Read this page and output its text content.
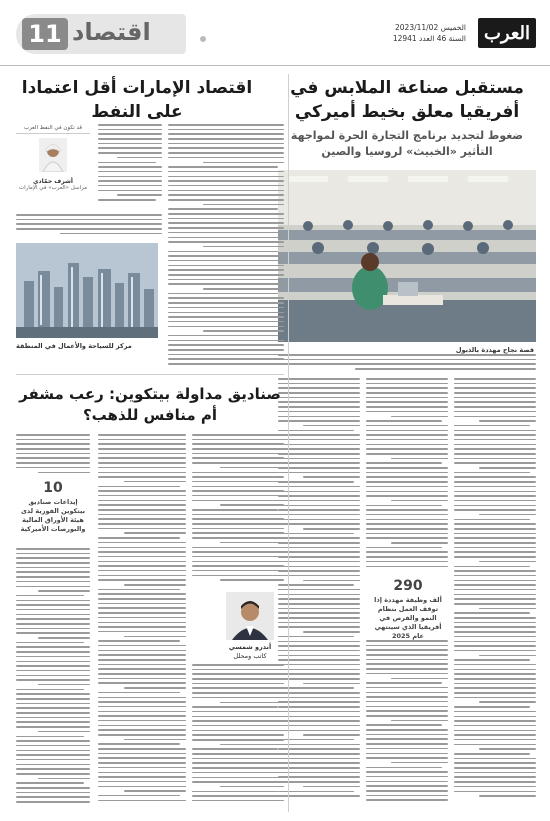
العرب
الخميس 2023/11/02
السنة 46 العدد 12941
اقتصاد
11
مستقبل صناعة الملابس في أفريقيا معلق بخيط أميركي
ضغوط لتجديد برنامج التجارة الحرة لمواجهة التأثير «الخبيث» لروسيا والصين
قصة نجاح مهددة بالذبول
اقتصاد الإمارات أقل اعتمادا على النفط
قد تكون في النفط العرب
أشرف حمّادي
مراسل «العرب» في الإمارات
مركز للسياحة والأعمال في المنطقة
290
ألف وظيفة مهددة إذا توقف العمل بنظام النمو والفرص في أفريقيا الذي سينتهي عام 2025
صناديق مداولة بيتكوين: رعب مشفر أم منافس للذهب؟
10
إيداعات صناديق بيتكوين الفورية لدى هيئة الأوراق المالية والبورصات الأميركية
أندرو شمسي
كاتب ومحلل
